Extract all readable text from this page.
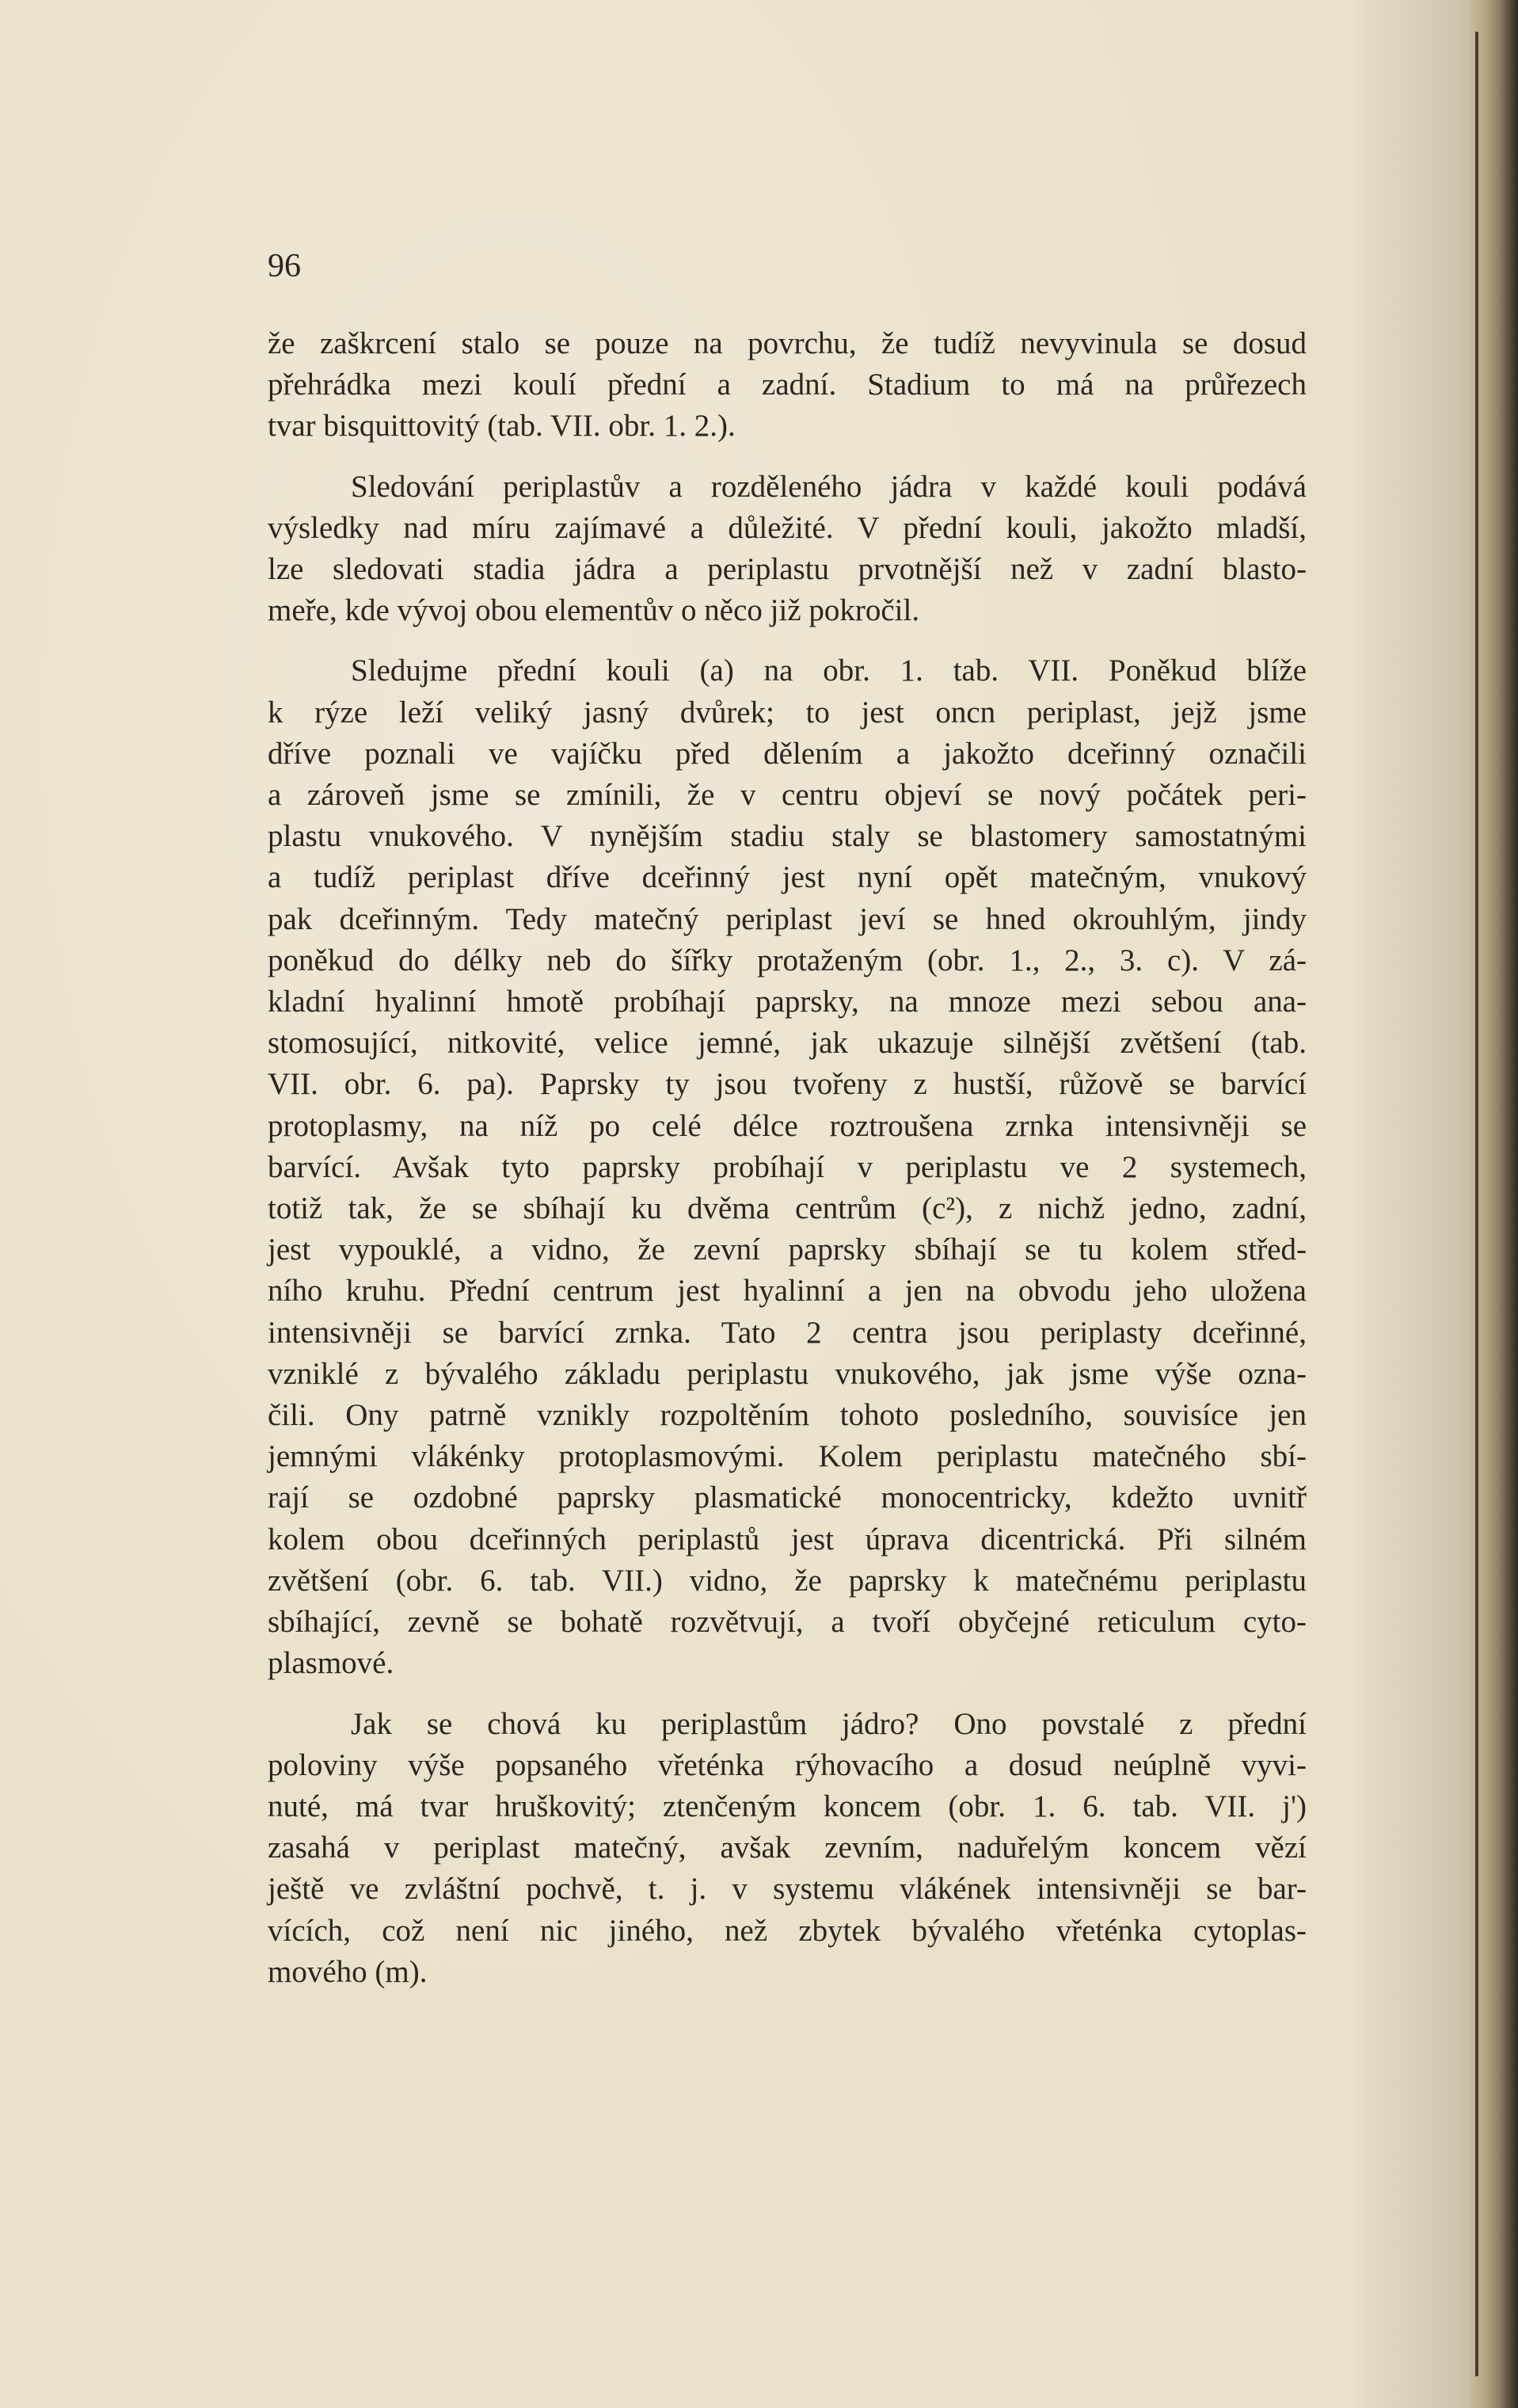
96
že zaškrcení stalo se pouze na povrchu, že tudíž nevyvinula se dosud
přehrádka mezi koulí přední a zadní. Stadium to má na průřezech
tvar bisquittovitý (tab. VII. obr. 1. 2.).
Sledování periplastův a rozděleného jádra v každé kouli podává
výsledky nad míru zajímavé a důležité. V přední kouli, jakožto mladší,
lze sledovati stadia jádra a periplastu prvotnější než v zadní blasto-
meře, kde vývoj obou elementův o něco již pokročil.
Sledujme přední kouli (a) na obr. 1. tab. VII. Poněkud blíže
k rýze leží veliký jasný dvůrek; to jest oncn periplast, jejž jsme
dříve poznali ve vajíčku před dělením a jakožto dceřinný označili
a zároveň jsme se zmínili, že v centru objeví se nový počátek peri-
plastu vnukového. V nynějším stadiu staly se blastomery samostatnými
a tudíž periplast dříve dceřinný jest nyní opět matečným, vnukový
pak dceřinným. Tedy matečný periplast jeví se hned okrouhlým, jindy
poněkud do délky neb do šířky protaženým (obr. 1., 2., 3. c). V zá-
kladní hyalinní hmotě probíhají paprsky, na mnoze mezi sebou ana-
stomosující, nitkovité, velice jemné, jak ukazuje silnější zvětšení (tab.
VII. obr. 6. pa). Paprsky ty jsou tvořeny z hustší, růžově se barvící
protoplasmy, na níž po celé délce roztroušena zrnka intensivněji se
barvící. Avšak tyto paprsky probíhají v periplastu ve 2 systemech,
totiž tak, že se sbíhají ku dvěma centrům (c²), z nichž jedno, zadní,
jest vypouklé, a vidno, že zevní paprsky sbíhají se tu kolem střed-
ního kruhu. Přední centrum jest hyalinní a jen na obvodu jeho uložena
intensivněji se barvící zrnka. Tato 2 centra jsou periplasty dceřinné,
vzniklé z bývalého základu periplastu vnukového, jak jsme výše ozna-
čili. Ony patrně vznikly rozpoltěním tohoto posledního, souvisíce jen
jemnými vlákénky protoplasmovými. Kolem periplastu matečného sbí-
rají se ozdobné paprsky plasmatické monocentricky, kdežto uvnitř
kolem obou dceřinných periplastů jest úprava dicentrická. Při silném
zvětšení (obr. 6. tab. VII.) vidno, že paprsky k matečnému periplastu
sbíhající, zevně se bohatě rozvětvují, a tvoří obyčejné reticulum cyto-
plasmové.
Jak se chová ku periplastům jádro? Ono povstalé z přední
poloviny výše popsaného vřeténka rýhovacího a dosud neúplně vyvi-
nuté, má tvar hruškovitý; ztenčeným koncem (obr. 1. 6. tab. VII. j')
zasahá v periplast matečný, avšak zevním, naduřelým koncem vězí
ještě ve zvláštní pochvě, t. j. v systemu vlákének intensivněji se bar-
vících, což není nic jiného, než zbytek bývalého vřeténka cytoplas-
mového (m).
